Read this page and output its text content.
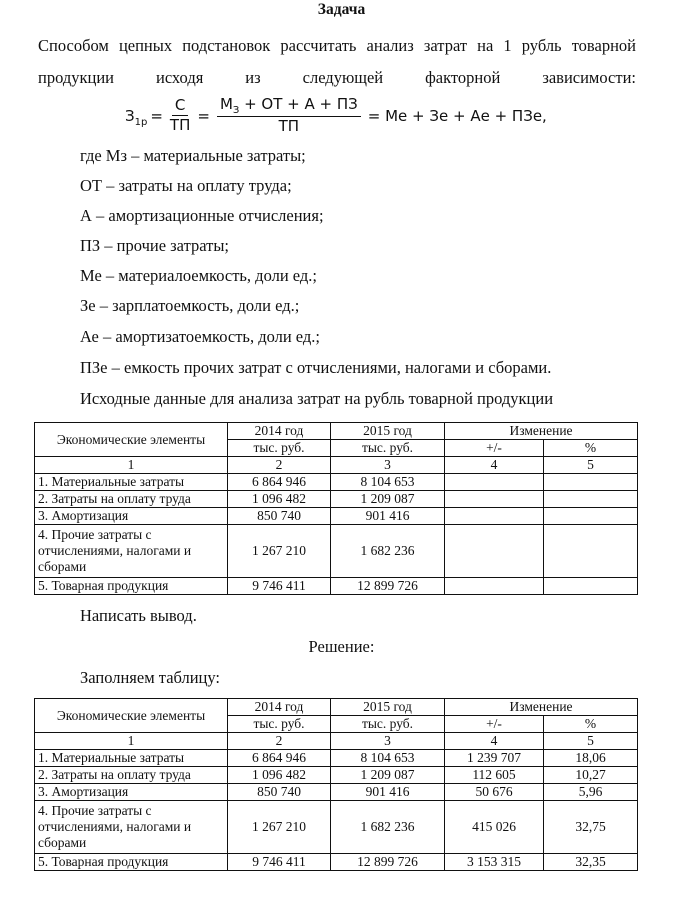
Задача
Способом цепных подстановок рассчитать анализ затрат на 1 рубль товарной продукции исходя из следующей факторной зависимости:
$З_{1р} = \frac{С}{ТП} = \frac{М_З + ОТ + А + ПЗ}{ТП}$ = Ме + Зе + Ае + ПЗе,
где Мз – материальные затраты;
ОТ – затраты на оплату труда;
А – амортизационные отчисления;
ПЗ – прочие затраты;
Ме – материалоемкость, доли ед.;
Зе – зарплатоемкость, доли ед.;
Ае – амортизатоемкость, доли ед.;
ПЗе – емкость прочих затрат с отчислениями, налогами и сборами.
Исходные данные для анализа затрат на рубль товарной продукции
Экономические элементы	2014 год	2015 год	Изменение	
	тыс. руб.	тыс. руб.	+/-	%
1	2	3	4	5
1. Материальные затраты	6 864 946	8 104 653		
2. Затраты на оплату труда	1 096 482	1 209 087		
3. Амортизация	850 740	901 416		
4. Прочие затраты с отчислениями, налогами и сборами	1 267 210	1 682 236		
5. Товарная продукция	9 746 411	12 899 726		
Написать вывод.
Решение:
Заполняем таблицу:
Экономические элементы	2014 год	2015 год	Изменение	
	тыс. руб.	тыс. руб.	+/-	%
1	2	3	4	5
1. Материальные затраты	6 864 946	8 104 653	1 239 707	18,06
2. Затраты на оплату труда	1 096 482	1 209 087	112 605	10,27
3. Амортизация	850 740	901 416	50 676	5,96
4. Прочие затраты с отчислениями, налогами и сборами	1 267 210	1 682 236	415 026	32,75
5. Товарная продукция	9 746 411	12 899 726	3 153 315	32,35
